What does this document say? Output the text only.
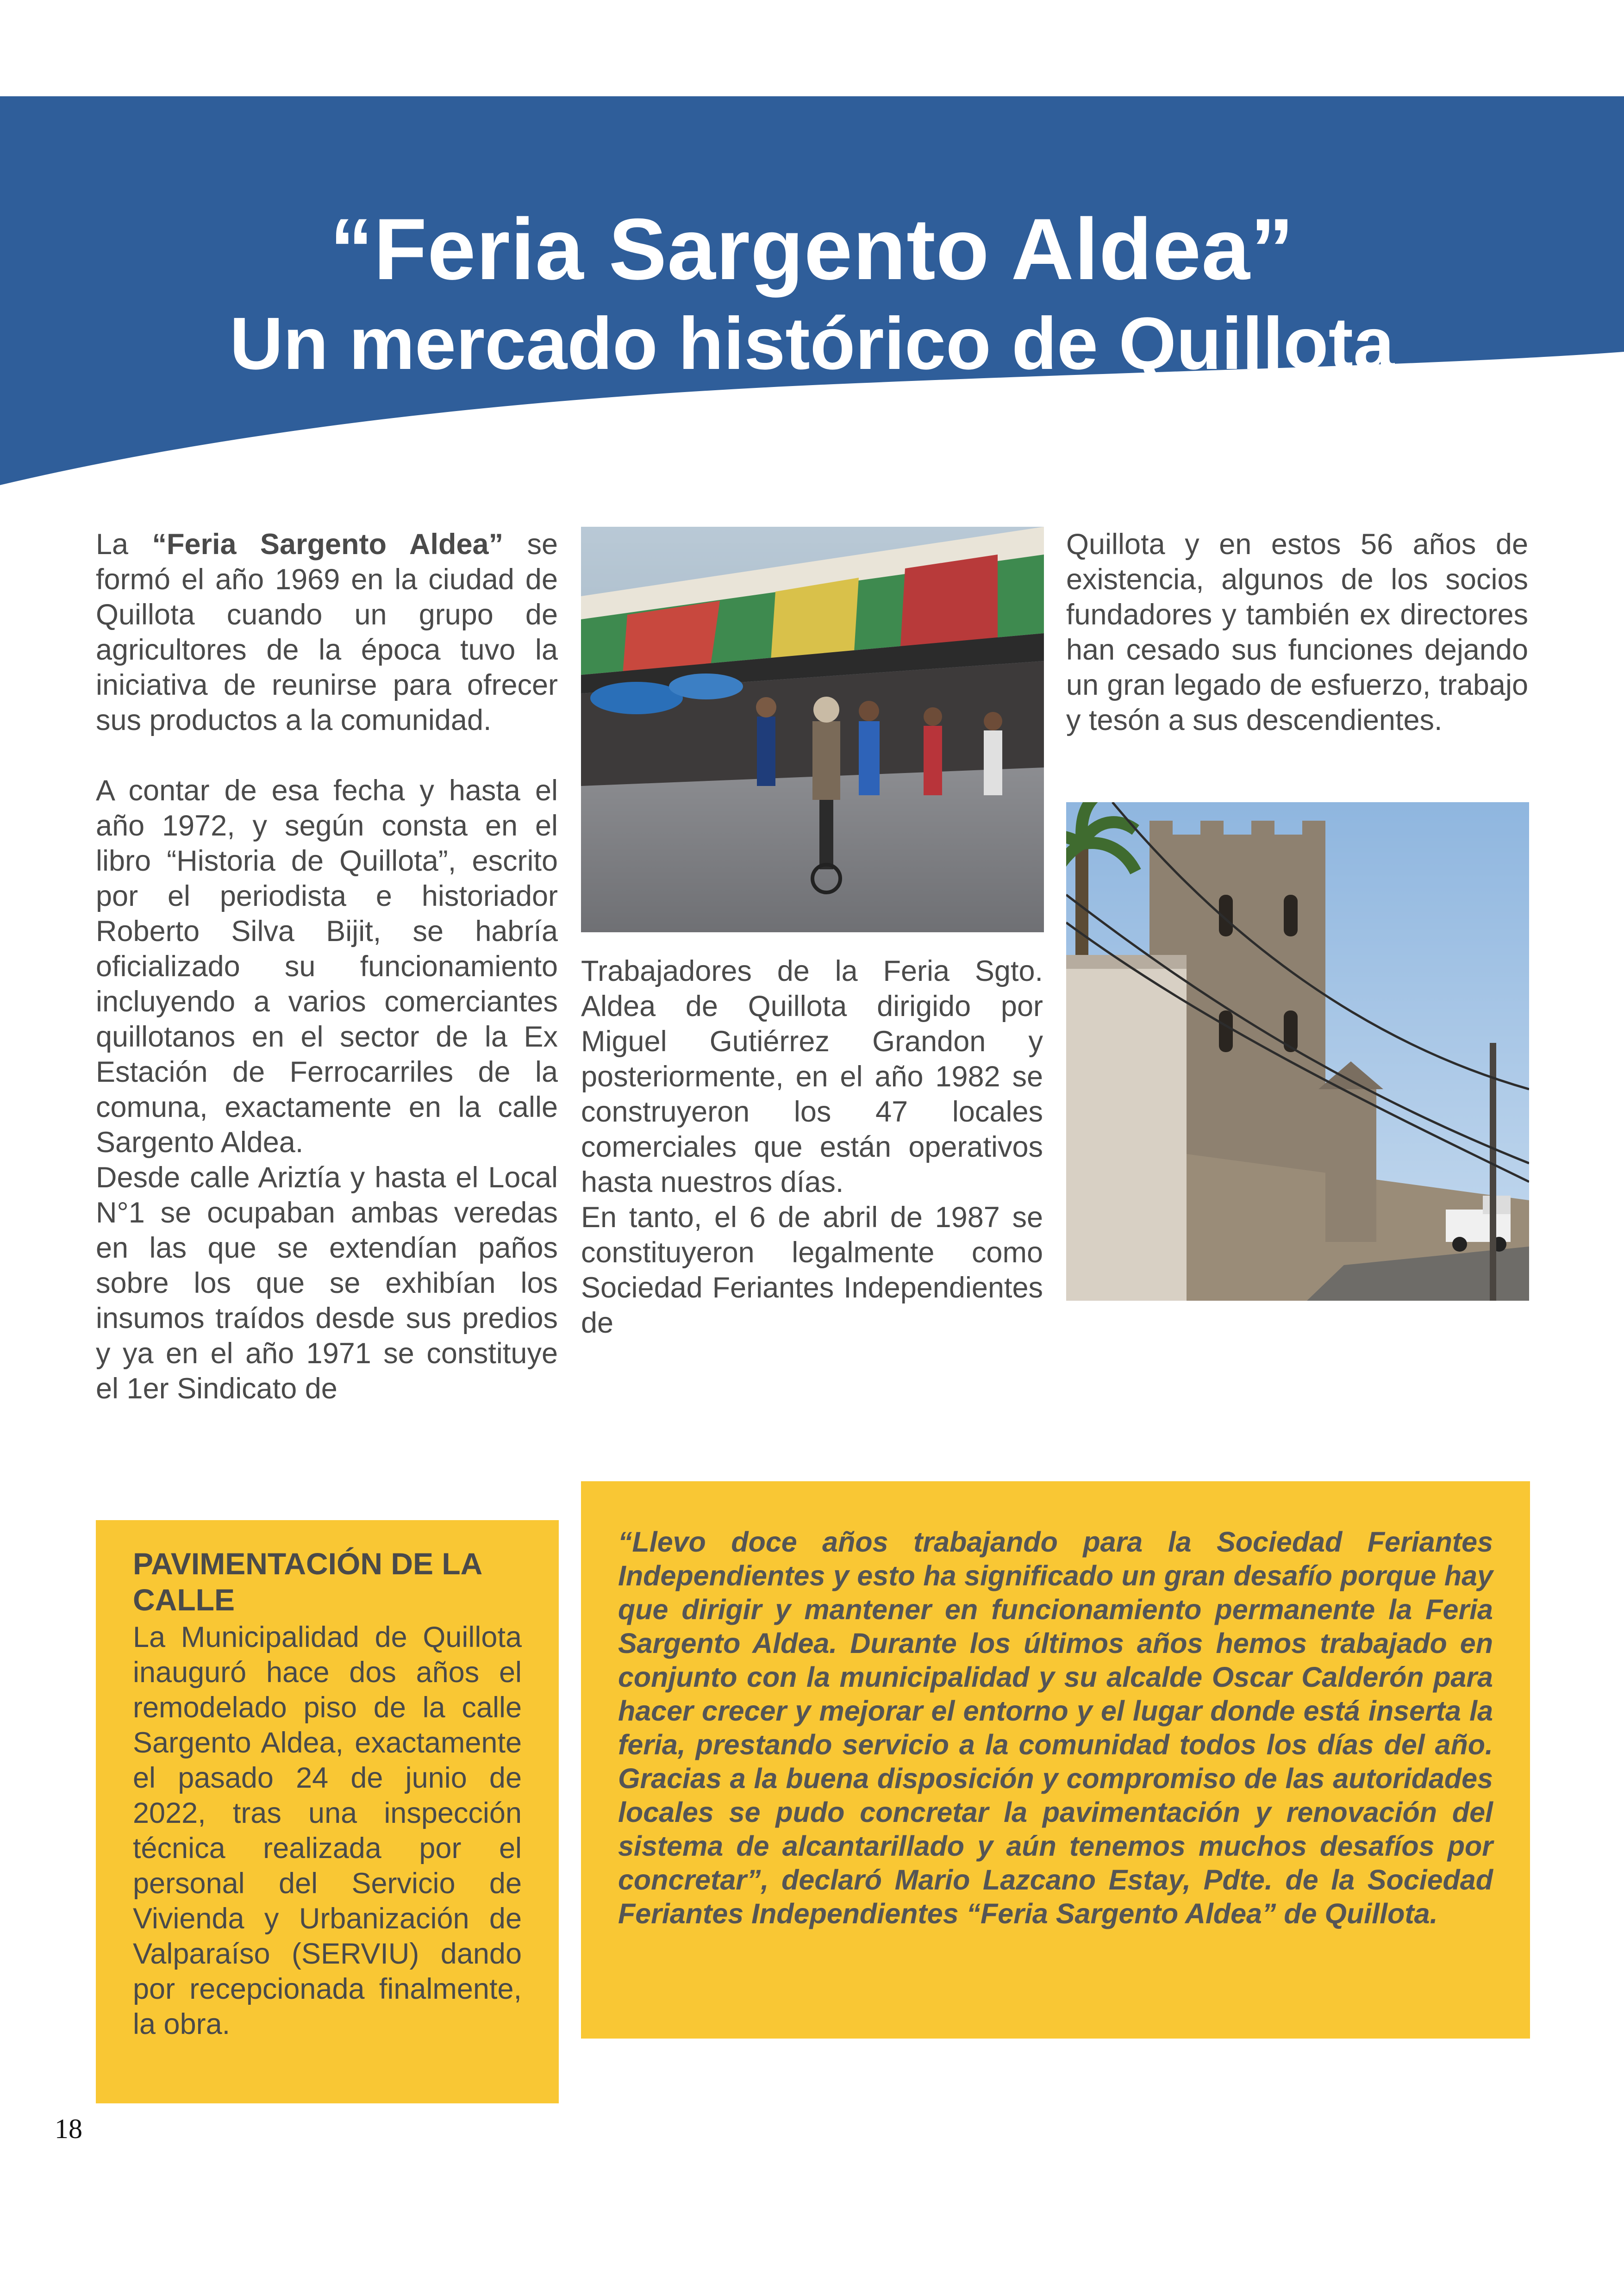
“Feria Sargento Aldea”
Un mercado histórico de Quillota

La “Feria Sargento Aldea” se formó el año 1969 en la ciudad de Quillota cuando un grupo de agricultores de la época tuvo la iniciativa de reunirse para ofrecer sus productos a la comunidad.

A contar de esa fecha y hasta el año 1972, y según consta en el libro “Historia de Quillota”, escrito por el periodista e historiador Roberto Silva Bijit, se habría oficializado su funcionamiento incluyendo a varios comerciantes quillotanos en el sector de la Ex Estación de Ferrocarriles de la comuna, exactamente en la calle Sargento Aldea.

Desde calle Ariztía y hasta el Local N°1 se ocupaban ambas veredas en las que se extendían paños sobre los que se exhibían los insumos traídos desde sus predios y ya en el año 1971 se constituye el 1er Sindicato de

Trabajadores de la Feria Sgto. Aldea de Quillota dirigido por Miguel Gutiérrez Grandon y posteriormente, en el año 1982 se construyeron los 47 locales comerciales que están operativos hasta nuestros días.

En tanto, el 6 de abril de 1987 se constituyeron legalmente como Sociedad Feriantes Independientes de

Quillota y en estos 56 años de existencia, algunos de los socios fundadores y también ex directores han cesado sus funciones dejando un gran legado de esfuerzo, trabajo y tesón a sus descendientes.

PAVIMENTACIÓN DE LA CALLE

La Municipalidad de Quillota inauguró hace dos años el remodelado piso de la calle Sargento Aldea, exactamente el pasado 24 de junio de 2022, tras una inspección técnica realizada por el personal del Servicio de Vivienda y Urbanización de Valparaíso (SERVIU) dando por recepcionada finalmente, la obra.

“Llevo doce años trabajando para la Sociedad Feriantes Independientes y esto ha significado un gran desafío porque hay que dirigir y mantener en funcionamiento permanente la Feria Sargento Aldea. Durante los últimos años hemos trabajado en conjunto con la municipalidad y su alcalde Oscar Calderón para hacer crecer y mejorar el entorno y el lugar donde está inserta la feria, prestando servicio a la comunidad todos los días del año. Gracias a la buena disposición y compromiso de las autoridades locales se pudo concretar la pavimentación y renovación del sistema de alcantarillado y aún tenemos muchos desafíos por concretar”, declaró Mario Lazcano Estay, Pdte. de la Sociedad Feriantes Independientes “Feria Sargento Aldea” de Quillota.

18
